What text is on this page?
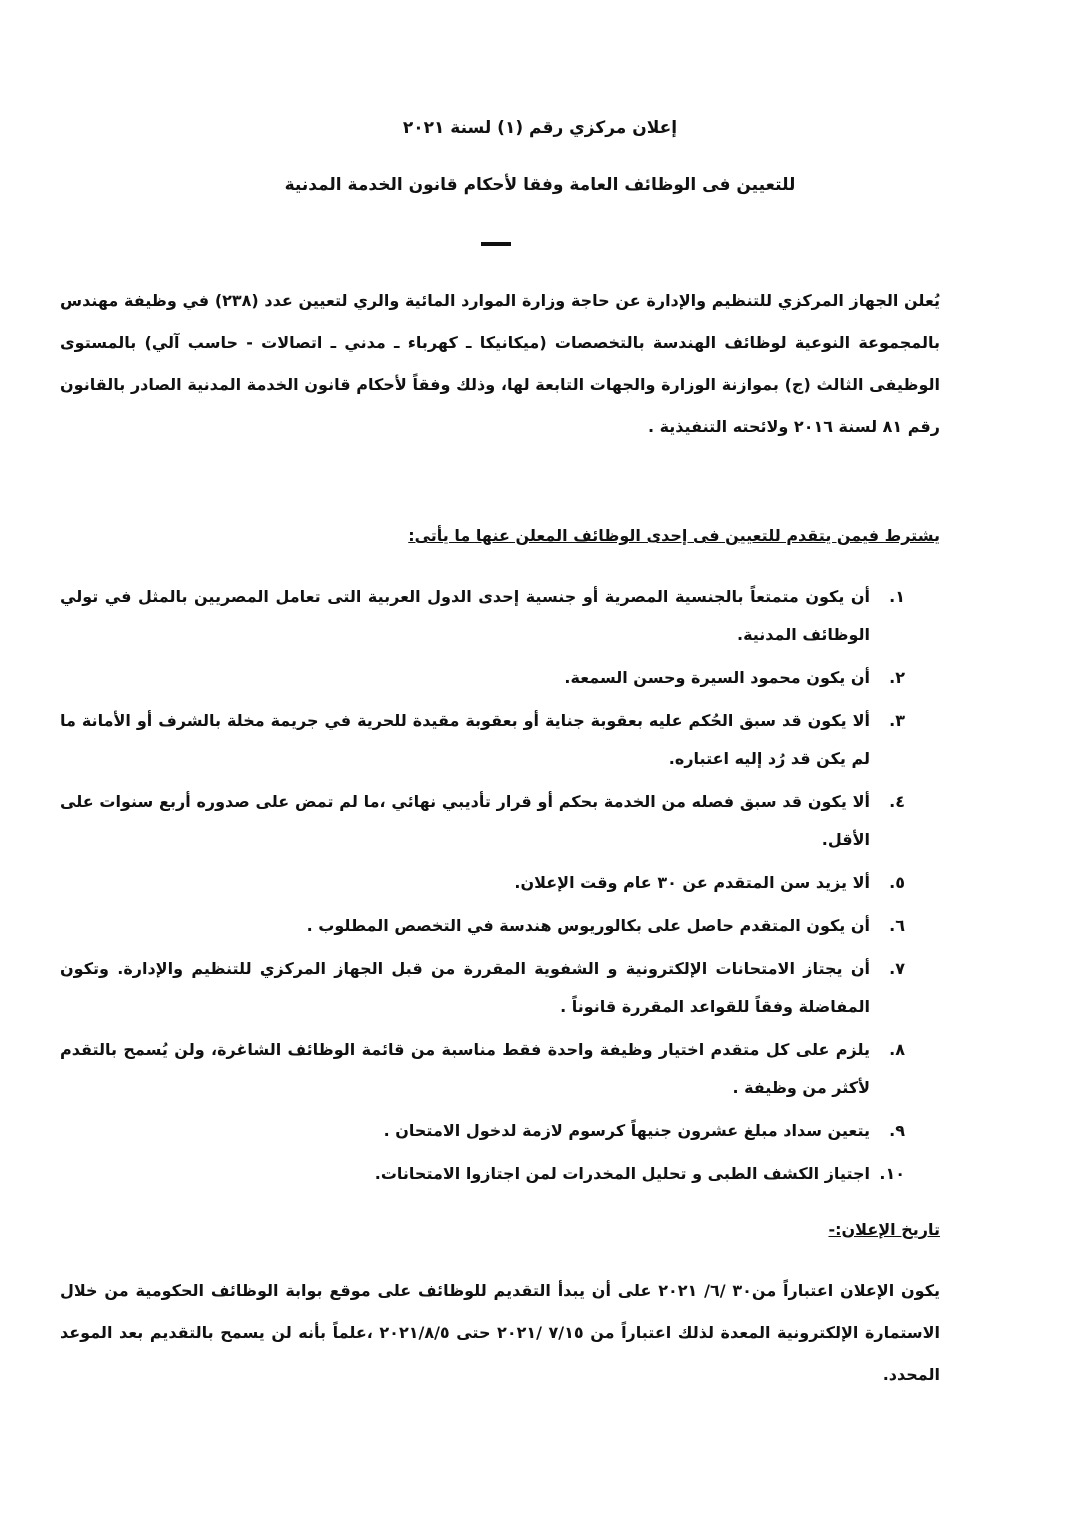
إعلان مركزي رقم (١) لسنة ٢٠٢١
للتعيين فى الوظائف العامة وفقا لأحكام قانون الخدمة المدنية

يُعلن الجهاز المركزي للتنظيم والإدارة عن حاجة وزارة الموارد المائية والري لتعيين عدد (٢٣٨) في وظيفة مهندس بالمجموعة النوعية لوظائف الهندسة بالتخصصات (ميكانيكا ـ كهرباء ـ مدني ـ اتصالات - حاسب آلي) بالمستوى الوظيفى الثالث (ج) بموازنة الوزارة والجهات التابعة لها، وذلك وفقاً لأحكام قانون الخدمة المدنية الصادر بالقانون رقم ٨١ لسنة ٢٠١٦ ولائحته التنفيذية .

يشترط فيمن يتقدم للتعيين فى إحدى الوظائف المعلن عنها ما يأتى:
١.
أن يكون متمتعاً بالجنسية المصرية أو جنسية إحدى الدول العربية التى تعامل المصريين بالمثل في تولي الوظائف المدنية.
٢.
أن يكون محمود السيرة وحسن السمعة.
٣.
ألا يكون قد سبق الحُكم عليه بعقوبة جناية أو بعقوبة مقيدة للحرية في جريمة مخلة بالشرف أو الأمانة ما لم يكن قد رُد إليه اعتباره.
٤.
ألا يكون قد سبق فصله من الخدمة بحكم أو قرار تأديبي نهائي ،ما لم تمض على صدوره أربع سنوات على الأقل.
٥.
ألا يزيد سن المتقدم عن ٣٠ عام وقت الإعلان.
٦.
أن يكون المتقدم حاصل على بكالوريوس هندسة في التخصص المطلوب .
٧.
أن يجتاز الامتحانات الإلكترونية و الشفوية المقررة من قبل الجهاز المركزي للتنظيم والإدارة. وتكون المفاضلة وفقاً للقواعد المقررة قانوناً .
٨.
يلزم على كل متقدم اختيار وظيفة واحدة فقط مناسبة من قائمة الوظائف الشاغرة، ولن يُسمح بالتقدم لأكثر من وظيفة .
٩.
يتعين سداد مبلغ عشرون جنيهاً كرسوم لازمة لدخول الامتحان .
١٠.
اجتياز الكشف الطبى و تحليل المخدرات لمن اجتازوا الامتحانات.
تاريخ الإعلان:-

يكون الإعلان اعتباراً من٣٠ /٦/ ٢٠٢١ على أن يبدأ التقديم للوظائف على موقع بوابة الوظائف الحكومية من خلال الاستمارة الإلكترونية المعدة لذلك اعتباراً من ٧/١٥ /٢٠٢١ حتى ٢٠٢١/٨/٥ ،علماً بأنه لن يسمح بالتقديم بعد الموعد المحدد.
